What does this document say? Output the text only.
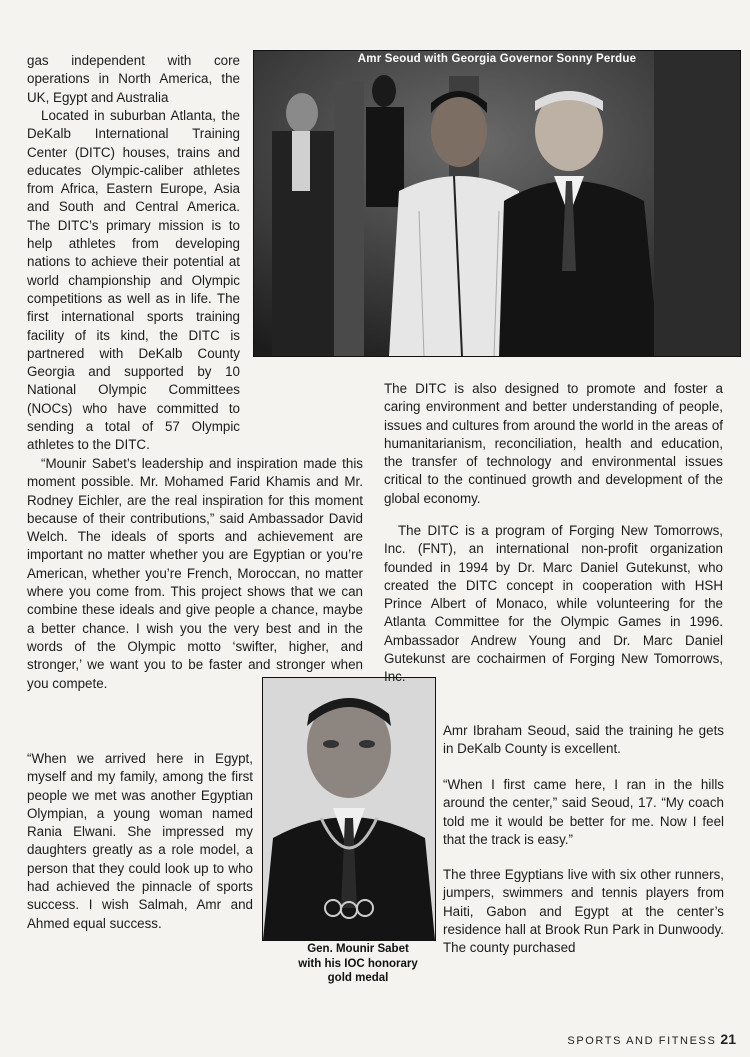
Amr Seoud with Georgia Governor Sonny Perdue

gas independent with core operations in North America, the UK, Egypt and Australia

Located in suburban Atlanta, the DeKalb International Training Center (DITC) houses, trains and educates Olympic-caliber athletes from Africa, Eastern Europe, Asia and South and Central America. The DITC’s primary mission is to help athletes from developing nations to achieve their potential at world championship and Olympic competitions as well as in life. The first international sports training facility of its kind, the DITC is partnered with DeKalb County Georgia and supported by 10 National Olympic Committees (NOCs) who have committed to sending a total of 57 Olympic athletes to the DITC.

“Mounir Sabet’s leadership and inspiration made this moment possible. Mr. Mohamed Farid Khamis and Mr. Rodney Eichler, are the real inspiration for this moment because of their contributions,” said Ambassador David Welch. The ideals of sports and achievement are important no matter whether you are Egyptian or you’re American, whether you’re French, Moroccan, no matter where you come from. This project shows that we can combine these ideals and give people a chance, maybe a better chance. I wish you the very best and in the words of the Olympic motto ‘swifter, higher, and stronger,’ we want you to be faster and stronger when you compete.

“When we arrived here in Egypt, myself and my family, among the first people we met was another Egyptian Olympian, a young woman named Rania Elwani. She impressed my daughters greatly as a role model, a person that they could look up to who had achieved the pinnacle of sports success. I wish Salmah, Amr and Ahmed equal success.

Gen. Mounir Sabet
with his IOC honorary
gold medal

The DITC is also designed to promote and foster a caring environment and better understanding of people, issues and cultures from around the world in the areas of humanitarianism, reconciliation, health and education, the transfer of technology and environmental issues critical to the continued growth and development of the global economy.

The DITC is a program of Forging New Tomorrows, Inc. (FNT), an international non-profit organization founded in 1994 by Dr. Marc Daniel Gutekunst, who created the DITC concept in cooperation with HSH Prince Albert of Monaco, while volunteering for the Atlanta Committee for the Olympic Games in 1996. Ambassador Andrew Young and Dr. Marc Daniel Gutekunst are cochairmen of Forging New Tomorrows, Inc.

Amr Ibraham Seoud, said the training he gets in DeKalb County is excellent.

“When I first came here, I ran in the hills around the center,” said Seoud, 17. “My coach told me it would be better for me. Now I feel that the track is easy.”

The three Egyptians live with six other runners, jumpers, swimmers and tennis players from Haiti, Gabon and Egypt at the center’s residence hall at Brook Run Park in Dunwoody. The county purchased

SPORTS AND FITNESS 21
